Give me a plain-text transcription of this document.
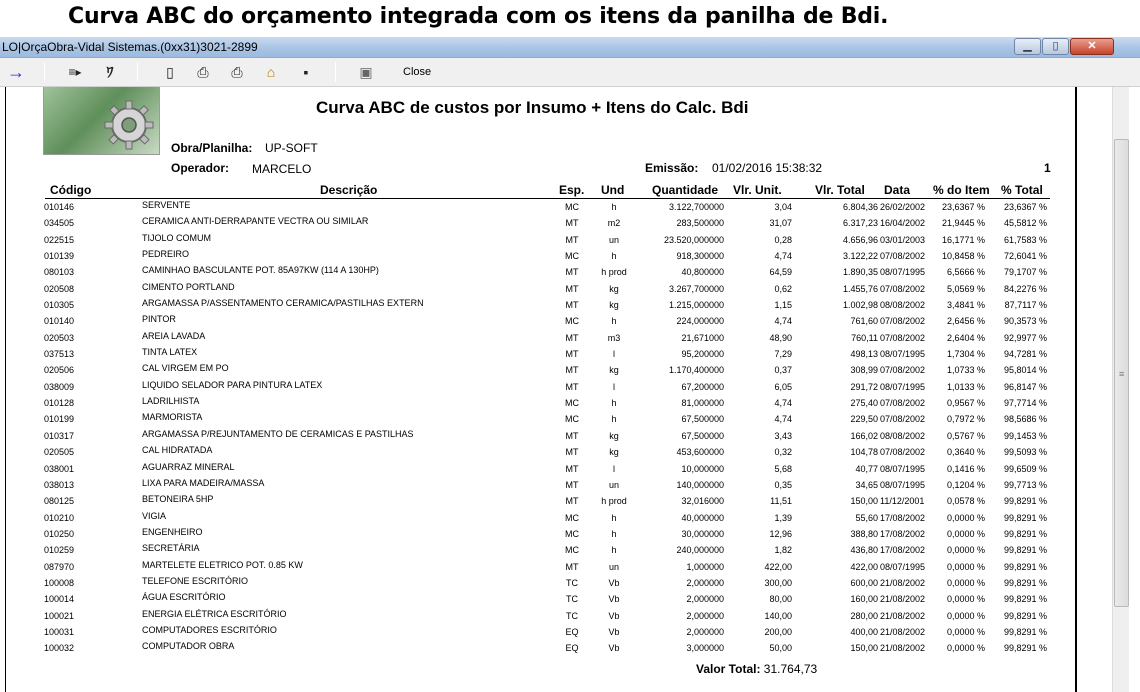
Curva ABC do orçamento integrada com os itens da panilha de Bdi.
LO|OrçaObra-Vidal Sistemas.(0xx31)3021-2899	▁	▯	✕
→	≡▸	ﾜ	▯ ⎙ ⎙	⌂	▪	▣	Close
≡
Curva ABC de custos por Insumo + Itens do Calc. Bdi
Obra/Planilha: UP-SOFT
Operador: MARCELO	Emissão: 01/02/2016 15:38:32	1
Código	Descrição	Esp. Und Quantidade Vlr. Unit.	Vlr. Total Data % do Item % Total
010146	SERVENTE	MC	h	3.122,700000	3,04	6.804,36 26/02/2002 23,6367 % 23,6367 %
034505	CERAMICA ANTI-DERRAPANTE VECTRA OU SIMILAR	MT	m2	283,500000	31,07	6.317,23 16/04/2002 21,9445 % 45,5812 %
022515	TIJOLO COMUM	MT	un	23.520,000000	0,28	4.656,96 03/01/2003 16,1771 % 61,7583 %
010139	PEDREIRO	MC	h	918,300000	4,74	3.122,22 07/08/2002 10,8458 % 72,6041 %
080103	CAMINHAO BASCULANTE POT. 85A97KW (114 A 130HP)	MT	h prod	40,800000	64,59	1.890,35 08/07/1995 6,5666 % 79,1707 %
020508	CIMENTO PORTLAND	MT	kg	3.267,700000	0,62	1.455,76 07/08/2002 5,0569 % 84,2276 %
010305	ARGAMASSA P/ASSENTAMENTO CERAMICA/PASTILHAS EXTERN	MT	kg	1.215,000000	1,15	1.002,98 08/08/2002 3,4841 % 87,7117 %
010140	PINTOR	MC	h	224,000000	4,74	761,60 07/08/2002 2,6456 % 90,3573 %
020503	AREIA LAVADA	MT	m3	21,671000	48,90	760,11 07/08/2002 2,6404 % 92,9977 %
037513	TINTA LATEX	MT	l	95,200000	7,29	498,13 08/07/1995 1,7304 % 94,7281 %
020506	CAL VIRGEM EM PO	MT	kg	1.170,400000	0,37	308,99 07/08/2002 1,0733 % 95,8014 %
038009	LIQUIDO SELADOR PARA PINTURA LATEX	MT	l	67,200000	6,05	291,72 08/07/1995 1,0133 % 96,8147 %
010128	LADRILHISTA	MC	h	81,000000	4,74	275,40 07/08/2002 0,9567 % 97,7714 %
010199	MARMORISTA	MC	h	67,500000	4,74	229,50 07/08/2002 0,7972 % 98,5686 %
010317	ARGAMASSA P/REJUNTAMENTO DE CERAMICAS E PASTILHAS	MT	kg	67,500000	3,43	166,02 08/08/2002 0,5767 % 99,1453 %
020505	CAL HIDRATADA	MT	kg	453,600000	0,32	104,78 07/08/2002 0,3640 % 99,5093 %
038001	AGUARRAZ MINERAL	MT	l	10,000000	5,68	40,77 08/07/1995 0,1416 % 99,6509 %
038013	LIXA PARA MADEIRA/MASSA	MT	un	140,000000	0,35	34,65 08/07/1995 0,1204 % 99,7713 %
080125	BETONEIRA 5HP	MT	h prod	32,016000	11,51	150,00 11/12/2001	0,0578 % 99,8291 %
010210	VIGIA	MC	h	40,000000	1,39	55,60 17/08/2002 0,0000 % 99,8291 %
010250	ENGENHEIRO	MC	h	30,000000	12,96	388,80 17/08/2002 0,0000 % 99,8291 %
010259	SECRETÁRIA	MC	h	240,000000	1,82	436,80 17/08/2002 0,0000 % 99,8291 %
087970	MARTELETE ELETRICO POT. 0.85 KW	MT	un	1,000000	422,00	422,00 08/07/1995 0,0000 % 99,8291 %
100008	TELEFONE ESCRITÓRIO	TC	Vb	2,000000	300,00	600,00 21/08/2002 0,0000 % 99,8291 %
100014	ÁGUA ESCRITÓRIO	TC	Vb	2,000000	80,00	160,00 21/08/2002 0,0000 % 99,8291 %
100021	ENERGIA ELÉTRICA ESCRITÓRIO	TC	Vb	2,000000	140,00	280,00 21/08/2002 0,0000 % 99,8291 %
100031	COMPUTADORES ESCRITÓRIO	EQ	Vb	2,000000	200,00	400,00 21/08/2002 0,0000 % 99,8291 %
100032	COMPUTADOR OBRA	EQ	Vb	3,000000	50,00	150,00 21/08/2002 0,0000 % 99,8291 %
Valor Total: 31.764,73
